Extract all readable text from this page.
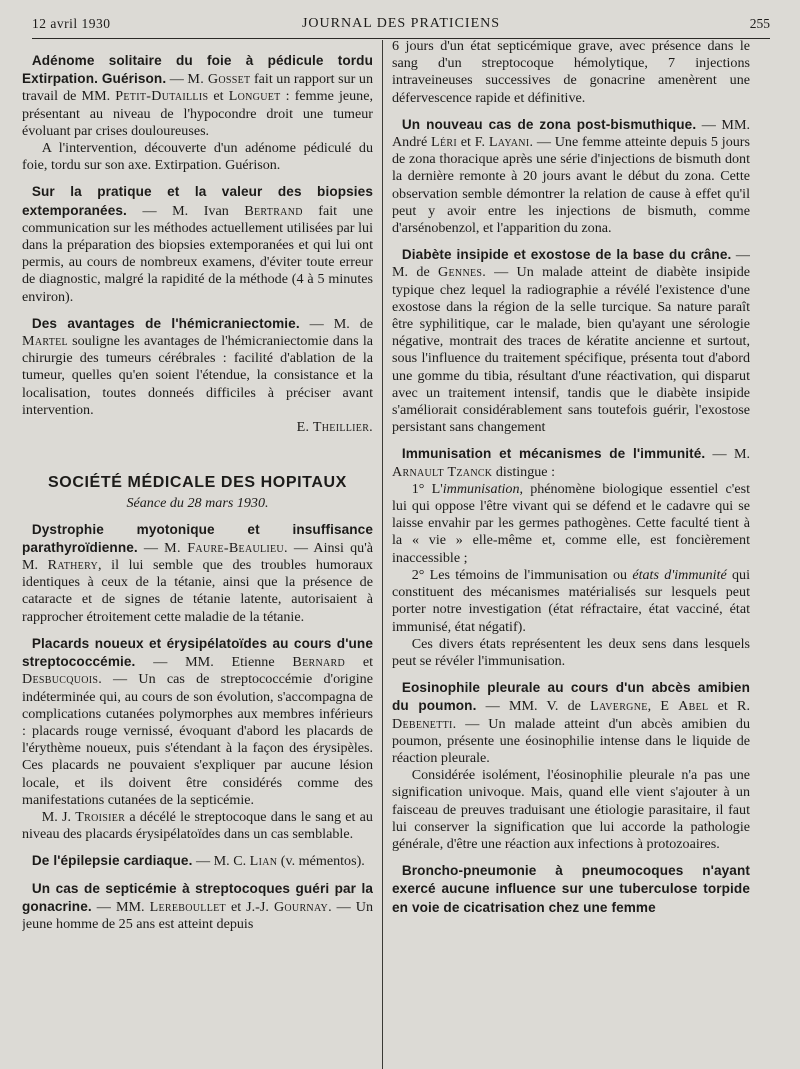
12 avril 1930	JOURNAL DES PRATICIENS	255

Adénome solitaire du foie à pédicule tordu Extirpation. Guérison. — M. Gosset fait un rapport sur un travail de MM. Petit-Dutaillis et Longuet : femme jeune, présentant au niveau de l'hypocondre droit une tumeur évoluant par crises douloureuses.

A l'intervention, découverte d'un adénome pédiculé du foie, tordu sur son axe. Extirpation. Guérison.

Sur la pratique et la valeur des biopsies extemporanées. — M. Ivan Bertrand fait une communication sur les méthodes actuellement utilisées par lui dans la préparation des biopsies extemporanées et qui lui ont permis, au cours de nombreux examens, d'éviter toute erreur de diagnostic, malgré la rapidité de la méthode (4 à 5 minutes environ).

Des avantages de l'hémicraniectomie. — M. de Martel souligne les avantages de l'hémicraniectomie dans la chirurgie des tumeurs cérébrales : facilité d'ablation de la tumeur, quelles qu'en soient l'étendue, la consistance et la localisation, toutes donneés difficiles à préciser avant intervention.

E. Theillier.

SOCIÉTÉ MÉDICALE DES HOPITAUX
Séance du 28 mars 1930.

Dystrophie myotonique et insuffisance parathyroïdienne. — M. Faure-Beaulieu. — Ainsi qu'à M. Rathery, il lui semble que des troubles humoraux identiques à ceux de la tétanie, ainsi que la présence de cataracte et de signes de tétanie latente, autorisaient à rapprocher étroitement cette maladie de la tétanie.

Placards noueux et érysipélatoïdes au cours d'une streptococcémie. — MM. Etienne Bernard et Desbucquois. — Un cas de streptococcémie d'origine indéterminée qui, au cours de son évolution, s'accompagna de complications cutanées polymorphes aux membres inférieurs : placards rouge vernissé, évoquant d'abord les placards de l'érythème noueux, puis s'étendant à la façon des érysipèles. Ces placards ne pouvaient s'expliquer par aucune lésion locale, et ils doivent être considérés comme des manifestations cutanées de la septicémie.

M. J. Troisier a décélé le streptocoque dans le sang et au niveau des placards érysipélatoïdes dans un cas semblable.

De l'épilepsie cardiaque. — M. C. Lian (v. mémentos).

Un cas de septicémie à streptocoques guéri par la gonacrine. — MM. Lereboullet et J.-J. Gournay. — Un jeune homme de 25 ans est atteint depuis

6 jours d'un état septicémique grave, avec présence dans le sang d'un streptocoque hémolytique, 7 injections intraveineuses successives de gonacrine amenèrent une défervescence rapide et définitive.

Un nouveau cas de zona post-bismuthique. — MM. André Léri et F. Layani. — Une femme atteinte depuis 5 jours de zona thoracique après une série d'injections de bismuth dont la dernière remonte à 20 jours avant le début du zona. Cette observation semble démontrer la relation de cause à effet qu'il peut y avoir entre les injections de bismuth, comme d'arsénobenzol, et l'apparition du zona.

Diabète insipide et exostose de la base du crâne. — M. de Gennes. — Un malade atteint de diabète insipide typique chez lequel la radiographie a révélé l'existence d'une exostose dans la région de la selle turcique. Sa nature paraît être syphilitique, car le malade, bien qu'ayant une sérologie négative, montrait des traces de kératite ancienne et surtout, sous l'influence du traitement spécifique, présenta tout d'abord une gomme du tibia, résultant d'une réactivation, qui disparut avec un traitement intensif, tandis que le diabète insipide s'améliorait considérablement sans toutefois guérir, l'exostose persistant sans changement

Immunisation et mécanismes de l'immunité. — M. Arnault Tzanck distingue :

1° L'immunisation, phénomène biologique essentiel c'est lui qui oppose l'être vivant qui se défend et le cadavre qui se laisse envahir par les germes pathogènes. Cette faculté tient à la « vie » elle-même et, comme elle, est foncièrement inaccessible ;

2° Les témoins de l'immunisation ou états d'immunité qui constituent des mécanismes matérialisés sur lesquels peut porter notre investigation (état réfractaire, état vacciné, état immunisé, état négatif).

Ces divers états représentent les deux sens dans lesquels peut se révéler l'immunisation.

Eosinophile pleurale au cours d'un abcès amibien du poumon. — MM. V. de Lavergne, E Abel et R. Debenetti. — Un malade atteint d'un abcès amibien du poumon, présente une éosinophilie intense dans le liquide de réaction pleurale.

Considérée isolément, l'éosinophilie pleurale n'a pas une signification univoque. Mais, quand elle vient s'ajouter à un faisceau de preuves traduisant une étiologie parasitaire, il faut lui conserver la signification que lui accorde la pathologie générale, d'être une réaction aux infections à protozoaires.

Broncho-pneumonie à pneumocoques n'ayant exercé aucune influence sur une tuberculose torpide en voie de cicatrisation chez une femme
